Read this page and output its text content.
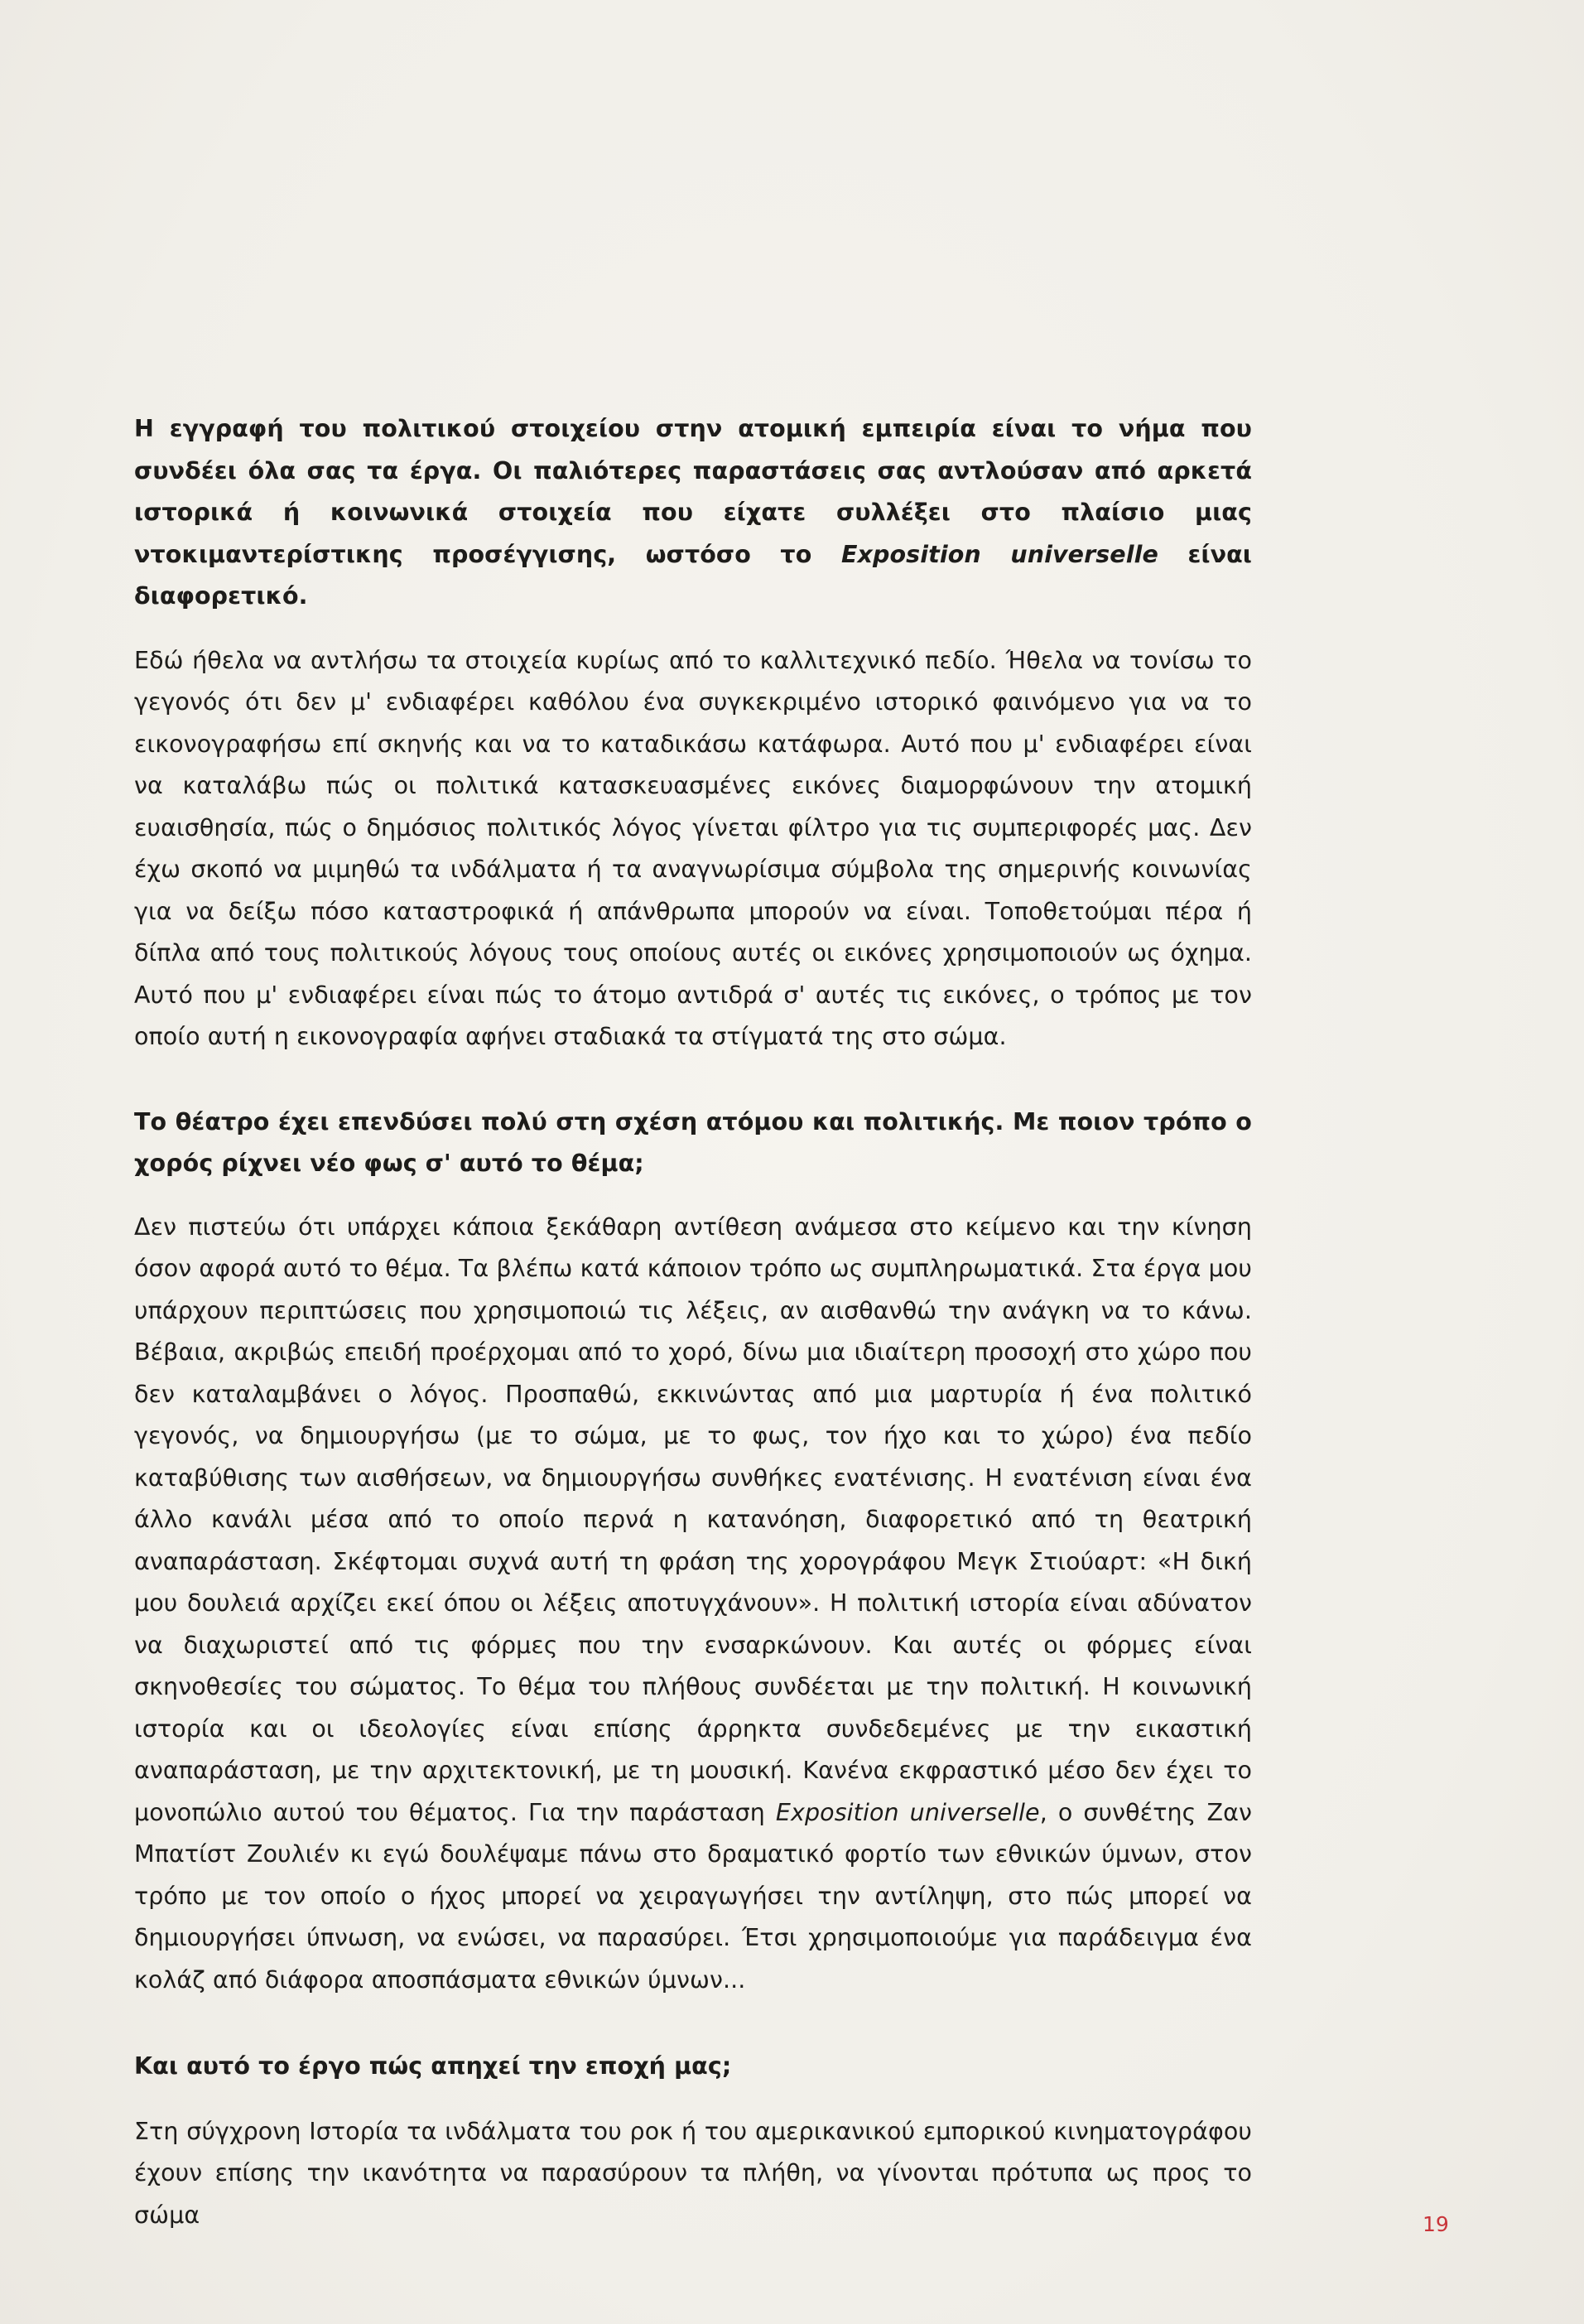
Η εγγραφή του πολιτικού στοιχείου στην ατομική εμπειρία είναι το νήμα που συνδέει όλα σας τα έργα. Οι παλιότερες παραστάσεις σας αντλούσαν από αρκετά ιστορικά ή κοινωνικά στοιχεία που είχατε συλλέξει στο πλαίσιο μιας ντοκιμαντερίστικης προσέγγισης, ωστόσο το Exposition universelle είναι διαφορετικό.

Εδώ ήθελα να αντλήσω τα στοιχεία κυρίως από το καλλιτεχνικό πεδίο. Ήθελα να τονίσω το γεγονός ότι δεν μ' ενδιαφέρει καθόλου ένα συγκεκριμένο ιστορικό φαινόμενο για να το εικονογραφήσω επί σκηνής και να το καταδικάσω κατάφωρα. Αυτό που μ' ενδιαφέρει είναι να καταλάβω πώς οι πολιτικά κατασκευασμένες εικόνες διαμορφώνουν την ατομική ευαισθησία, πώς ο δημόσιος πολιτικός λόγος γίνεται φίλτρο για τις συμπεριφορές μας. Δεν έχω σκοπό να μιμηθώ τα ινδάλματα ή τα αναγνωρίσιμα σύμβολα της σημερινής κοινωνίας για να δείξω πόσο καταστροφικά ή απάνθρωπα μπορούν να είναι. Τοποθετούμαι πέρα ή δίπλα από τους πολιτικούς λόγους τους οποίους αυτές οι εικόνες χρησιμοποιούν ως όχημα. Αυτό που μ' ενδιαφέρει είναι πώς το άτομο αντιδρά σ' αυτές τις εικόνες, ο τρόπος με τον οποίο αυτή η εικονογραφία αφήνει σταδιακά τα στίγματά της στο σώμα.

Το θέατρο έχει επενδύσει πολύ στη σχέση ατόμου και πολιτικής. Με ποιον τρόπο ο χορός ρίχνει νέο φως σ' αυτό το θέμα;

Δεν πιστεύω ότι υπάρχει κάποια ξεκάθαρη αντίθεση ανάμεσα στο κείμενο και την κίνηση όσον αφορά αυτό το θέμα. Τα βλέπω κατά κάποιον τρόπο ως συμπληρωματικά. Στα έργα μου υπάρχουν περιπτώσεις που χρησιμοποιώ τις λέξεις, αν αισθανθώ την ανάγκη να το κάνω. Βέβαια, ακριβώς επειδή προέρχομαι από το χορό, δίνω μια ιδιαίτερη προσοχή στο χώρο που δεν καταλαμβάνει ο λόγος. Προσπαθώ, εκκινώντας από μια μαρτυρία ή ένα πολιτικό γεγονός, να δημιουργήσω (με το σώμα, με το φως, τον ήχο και το χώρο) ένα πεδίο καταβύθισης των αισθήσεων, να δημιουργήσω συνθήκες ενατένισης. Η ενατένιση είναι ένα άλλο κανάλι μέσα από το οποίο περνά η κατανόηση, διαφορετικό από τη θεατρική αναπαράσταση. Σκέφτομαι συχνά αυτή τη φράση της χορογράφου Μεγκ Στιούαρτ: «Η δική μου δουλειά αρχίζει εκεί όπου οι λέξεις αποτυγχάνουν». Η πολιτική ιστορία είναι αδύνατον να διαχωριστεί από τις φόρμες που την ενσαρκώνουν. Και αυτές οι φόρμες είναι σκηνοθεσίες του σώματος. Το θέμα του πλήθους συνδέεται με την πολιτική. Η κοινωνική ιστορία και οι ιδεολογίες είναι επίσης άρρηκτα συνδεδεμένες με την εικαστική αναπαράσταση, με την αρχιτεκτονική, με τη μουσική. Κανένα εκφραστικό μέσο δεν έχει το μονοπώλιο αυτού του θέματος. Για την παράσταση Exposition universelle, ο συνθέτης Ζαν Μπατίστ Ζουλιέν κι εγώ δουλέψαμε πάνω στο δραματικό φορτίο των εθνικών ύμνων, στον τρόπο με τον οποίο ο ήχος μπορεί να χειραγωγήσει την αντίληψη, στο πώς μπορεί να δημιουργήσει ύπνωση, να ενώσει, να παρασύρει. Έτσι χρησιμοποιούμε για παράδειγμα ένα κολάζ από διάφορα αποσπάσματα εθνικών ύμνων...

Και αυτό το έργο πώς απηχεί την εποχή μας;

Στη σύγχρονη Ιστορία τα ινδάλματα του ροκ ή του αμερικανικού εμπορικού κινηματογράφου έχουν επίσης την ικανότητα να παρασύρουν τα πλήθη, να γίνονται πρότυπα ως προς το σώμα	19
